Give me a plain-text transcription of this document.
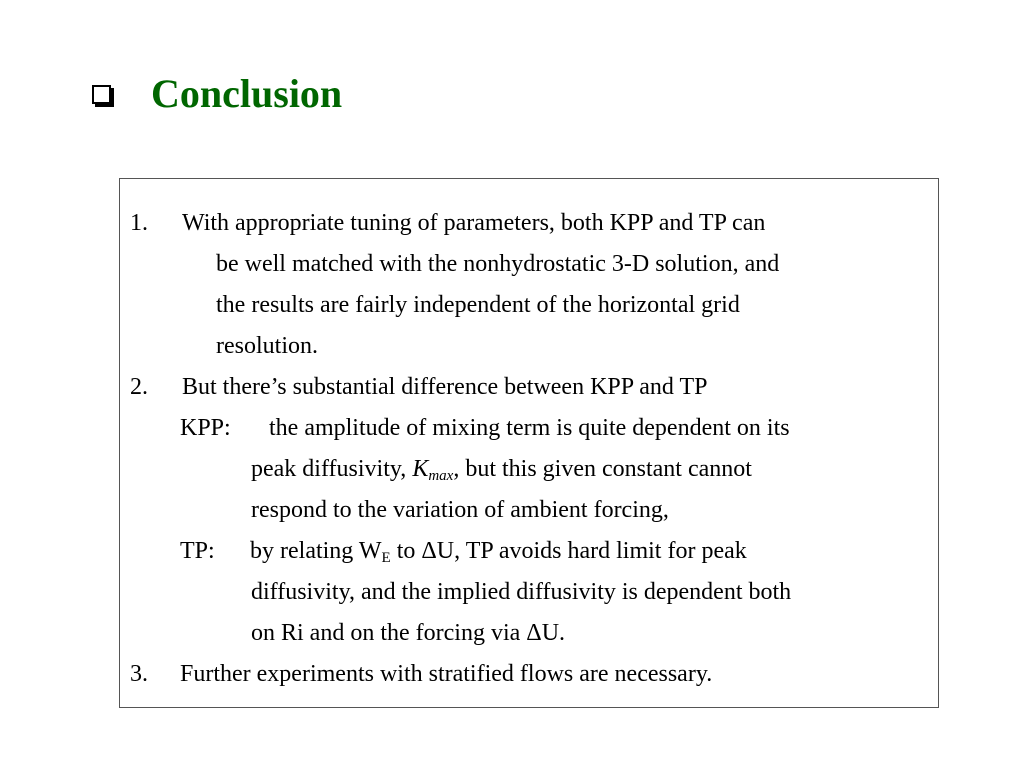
Conclusion
1. With appropriate tuning of parameters, both KPP and TP can
be well matched with the nonhydrostatic 3-D solution, and
the results are fairly independent of the horizontal grid
resolution.
2. But there’s substantial difference between KPP and TP
KPP: the amplitude of mixing term is quite dependent on its
peak diffusivity, $K_{max}$, but this given constant cannot
respond to the variation of ambient forcing,
TP: by relating $W_E$ to ΔU, TP avoids hard limit for peak
diffusivity, and the implied diffusivity is dependent both
on Ri and on the forcing via ΔU.
3. Further experiments with stratified flows are necessary.
